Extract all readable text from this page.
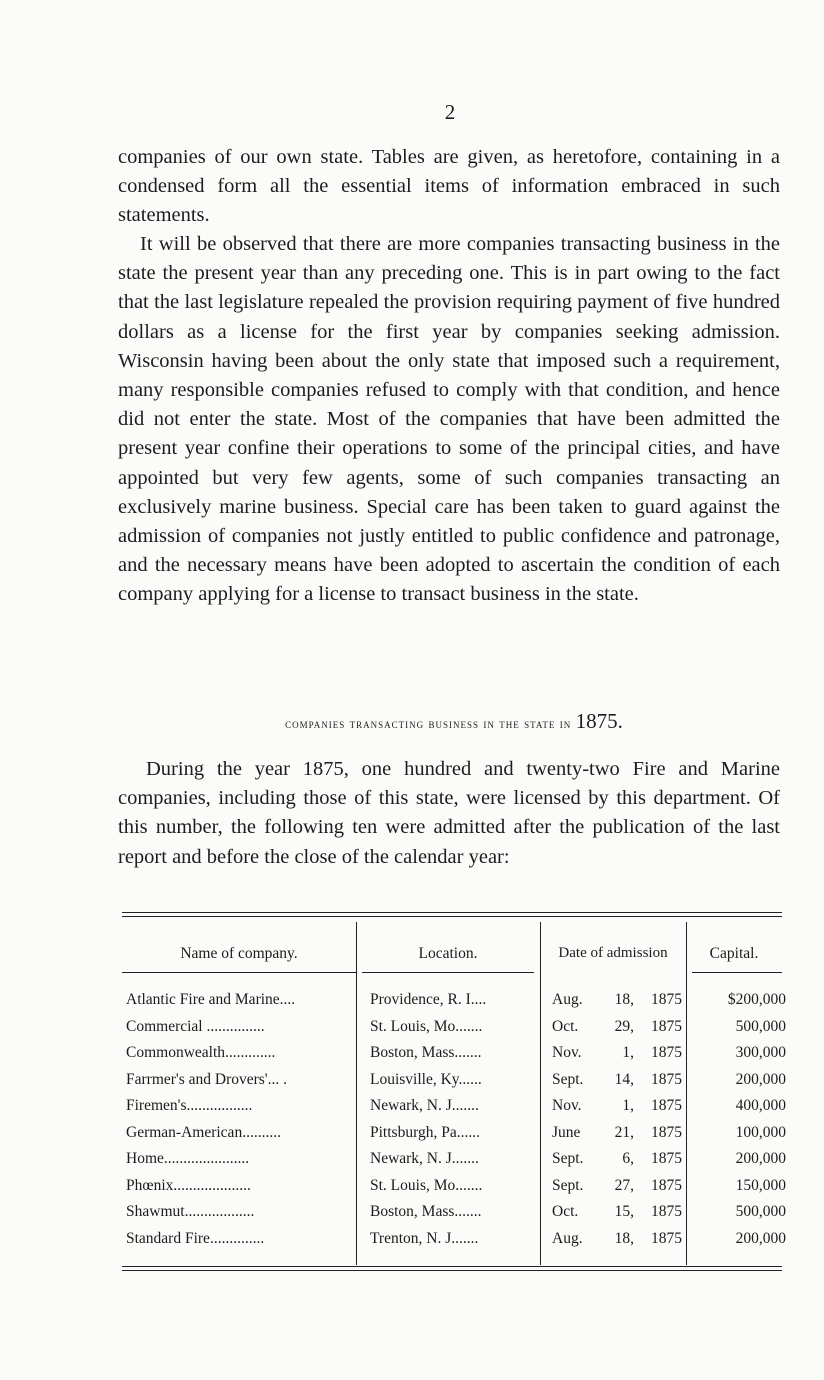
2

companies of our own state. Tables are given, as heretofore, containing in a condensed form all the essential items of information embraced in such statements.

It will be observed that there are more companies transacting business in the state the present year than any preceding one. This is in part owing to the fact that the last legislature repealed the provision requiring payment of five hundred dollars as a license for the first year by companies seeking admission. Wisconsin having been about the only state that imposed such a requirement, many responsible companies refused to comply with that condition, and hence did not enter the state. Most of the companies that have been admitted the present year confine their operations to some of the principal cities, and have appointed but very few agents, some of such companies transacting an exclusively marine business. Special care has been taken to guard against the admission of companies not justly entitled to public confidence and patronage, and the necessary means have been adopted to ascertain the condition of each company applying for a license to transact business in the state.

companies transacting business in the state in 1875.

During the year 1875, one hundred and twenty-two Fire and Marine companies, including those of this state, were licensed by this department. Of this number, the following ten were admitted after the publication of the last report and before the close of the calendar year:

Name of company.	Location.	Date of admission	Capital.
Atlantic Fire and Marine....	Providence, R. I....	Aug.	18,	1875	$200,000
Commercial ...............	St. Louis, Mo.......	Oct.	29,	1875	500,000
Commonwealth.............	Boston, Mass.......	Nov.	1,	1875	300,000
Farrmer's and Drovers'... .	Louisville, Ky......	Sept.	14,	1875	200,000
Firemen's.................	Newark, N. J.......	Nov.	1,	1875	400,000
German-American..........	Pittsburgh, Pa......	June	21,	1875	100,000
Home......................	Newark, N. J.......	Sept.	6,	1875	200,000
Phœnix....................	St. Louis, Mo.......	Sept.	27,	1875	150,000
Shawmut..................	Boston, Mass.......	Oct.	15,	1875	500,000
Standard Fire..............	Trenton, N. J.......	Aug.	18,	1875	200,000
